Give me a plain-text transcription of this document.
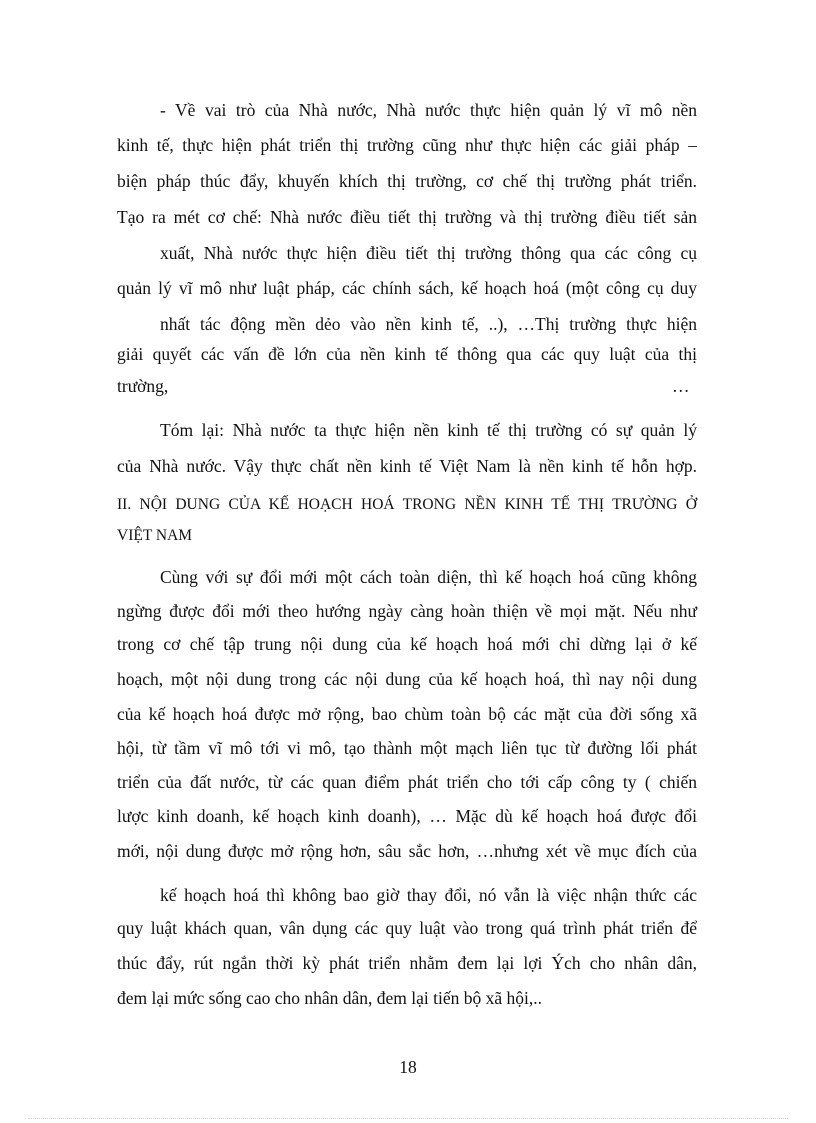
- Về vai trò của Nhà nước, Nhà nước thực hiện quản lý vĩ mô nền
kinh tế, thực hiện phát triển thị trường cũng như thực hiện các giải pháp –
biện pháp thúc đẩy, khuyến khích thị trường, cơ chế thị trường phát triển.
Tạo ra mét cơ chế: Nhà nước điều tiết thị trường và thị trường điều tiết sản
xuất, Nhà nước thực hiện điều tiết thị trường thông qua các công cụ
quản lý vĩ mô như luật pháp, các chính sách, kế hoạch hoá (một công cụ duy
nhất tác động mền dẻo vào nền kinh tế, ..), …Thị trường thực hiện
giải quyết các vấn đề lớn của nền kinh tế thông qua các quy luật của thị
trường,	…
Tóm lại: Nhà nước ta thực hiện nền kinh tế thị trường có sự quản lý
của Nhà nước. Vậy thực chất nền kinh tế Việt Nam là nền kinh tế hỗn hợp.
II. NỘI DUNG CỦA KẾ HOẠCH HOÁ TRONG NỀN KINH TẾ THỊ TRƯỜNG Ở
VIỆT NAM
Cùng với sự đổi mới một cách toàn diện, thì kế hoạch hoá cũng không
ngừng được đổi mới theo hướng ngày càng hoàn thiện về mọi mặt. Nếu như
trong cơ chế tập trung nội dung của kế hoạch hoá mới chỉ dừng lại ở kế
hoạch, một nội dung trong các nội dung của kế hoạch hoá, thì nay nội dung
của kế hoạch hoá được mở rộng, bao chùm toàn bộ các mặt của đời sống xã
hội, từ tầm vĩ mô tới vi mô, tạo thành một mạch liên tục từ đường lối phát
triển của đất nước, từ các quan điểm phát triển cho tới cấp công ty ( chiến
lược kinh doanh, kế hoạch kinh doanh), … Mặc dù kế hoạch hoá được đổi
mới, nội dung được mở rộng hơn, sâu sắc hơn, …nhưng xét về mục đích của
kế hoạch hoá thì không bao giờ thay đổi, nó vẫn là việc nhận thức các
quy luật khách quan, vân dụng các quy luật vào trong quá trình phát triển để
thúc đẩy, rút ngắn thời kỳ phát triển nhằm đem lại lợi Ých cho nhân dân,
đem lại mức sống cao cho nhân dân, đem lại tiến bộ xã hội,..
18
